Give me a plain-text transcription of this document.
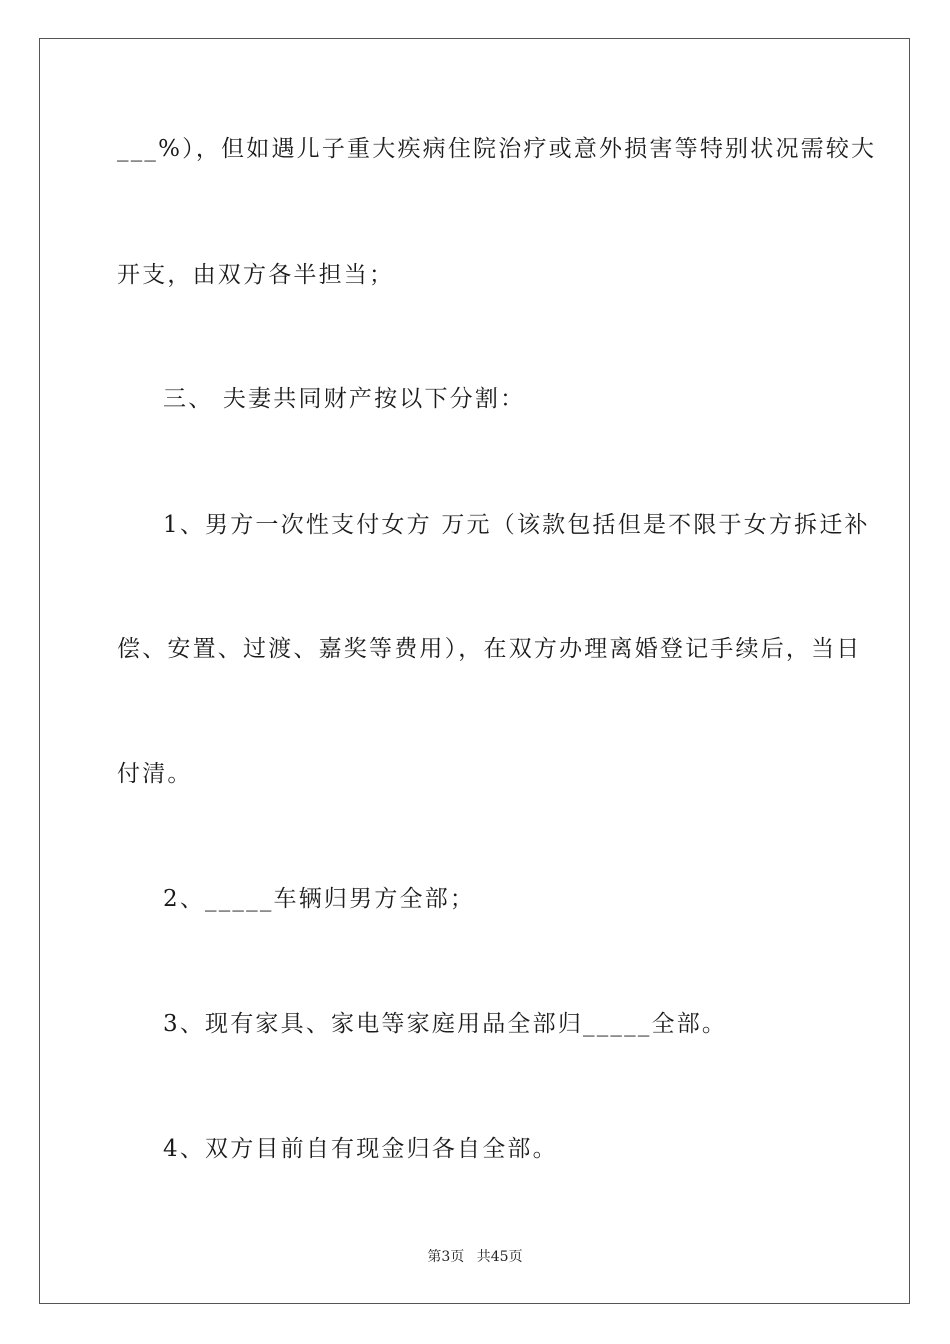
___%），但如遇儿子重大疾病住院治疗或意外损害等特别状况需较大
开支，由双方各半担当；
三、 夫妻共同财产按以下分割：
1、男方一次性支付女方 万元（该款包括但是不限于女方拆迁补
偿、安置、过渡、嘉奖等费用），在双方办理离婚登记手续后，当日
付清。
2、_____车辆归男方全部；
3、现有家具、家电等家庭用品全部归_____全部。
4、双方目前自有现金归各自全部。
第3页 共45页
